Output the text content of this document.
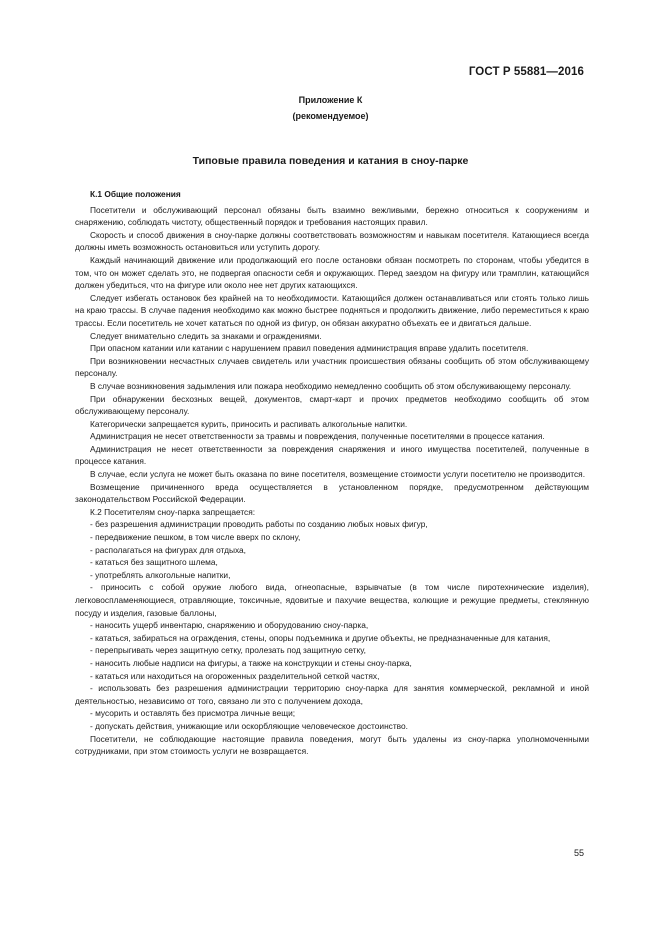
ГОСТ Р 55881—2016
Приложение К
(рекомендуемое)
Типовые правила поведения и катания в сноу-парке

К.1 Общие положения

Посетители и обслуживающий персонал обязаны быть взаимно вежливыми, бережно относиться к сооружениям и снаряжению, соблюдать чистоту, общественный порядок и требования настоящих правил.

Скорость и способ движения в сноу-парке должны соответствовать возможностям и навыкам посетителя. Катающиеся всегда должны иметь возможность остановиться или уступить дорогу.

Каждый начинающий движение или продолжающий его после остановки обязан посмотреть по сторонам, чтобы убедится в том, что он может сделать это, не подвергая опасности себя и окружающих. Перед заездом на фигуру или трамплин, катающийся должен убедиться, что на фигуре или около нее нет других катающихся.

Следует избегать остановок без крайней на то необходимости. Катающийся должен останавливаться или стоять только лишь на краю трассы. В случае падения необходимо как можно быстрее подняться и продолжить движение, либо переместиться к краю трассы. Если посетитель не хочет кататься по одной из фигур, он обязан аккуратно объехать ее и двигаться дальше.

Следует внимательно следить за знаками и ограждениями.

При опасном катании или катании с нарушением правил поведения администрация вправе удалить посетителя.

При возникновении несчастных случаев свидетель или участник происшествия обязаны сообщить об этом обслуживающему персоналу.

В случае возникновения задымления или пожара необходимо немедленно сообщить об этом обслуживающему персоналу.

При обнаружении бесхозных вещей, документов, смарт-карт и прочих предметов необходимо сообщить об этом обслуживающему персоналу.

Категорически запрещается курить, приносить и распивать алкогольные напитки.

Администрация не несет ответственности за травмы и повреждения, полученные посетителями в процессе катания.

Администрация не несет ответственности за повреждения снаряжения и иного имущества посетителей, полученные в процессе катания.

В случае, если услуга не может быть оказана по вине посетителя, возмещение стоимости услуги посетителю не производится.

Возмещение причиненного вреда осуществляется в установленном порядке, предусмотренном действующим законодательством Российской Федерации.

К.2 Посетителям сноу-парка запрещается:

- без разрешения администрации проводить работы по созданию любых новых фигур,

- передвижение пешком, в том числе вверх по склону,

- располагаться на фигурах для отдыха,

- кататься без защитного шлема,

- употреблять алкогольные напитки,

- приносить с собой оружие любого вида, огнеопасные, взрывчатые (в том числе пиротехнические изделия), легковоспламеняющиеся, отравляющие, токсичные, ядовитые и пахучие вещества, колющие и режущие предметы, стеклянную посуду и изделия, газовые баллоны,

- наносить ущерб инвентарю, снаряжению и оборудованию сноу-парка,

- кататься, забираться на ограждения, стены, опоры подъемника и другие объекты, не предназначенные для катания,

- перепрыгивать через защитную сетку, пролезать под защитную сетку,

- наносить любые надписи на фигуры, а также на конструкции и стены сноу-парка,

- кататься или находиться на огороженных разделительной сеткой частях,

- использовать без разрешения администрации территорию сноу-парка для занятия коммерческой, рекламной и иной деятельностью, независимо от того, связано ли это с получением дохода,

- мусорить и оставлять без присмотра личные вещи;

- допускать действия, унижающие или оскорбляющие человеческое достоинство.

Посетители, не соблюдающие настоящие правила поведения, могут быть удалены из сноу-парка уполномоченными сотрудниками, при этом стоимость услуги не возвращается.

55
